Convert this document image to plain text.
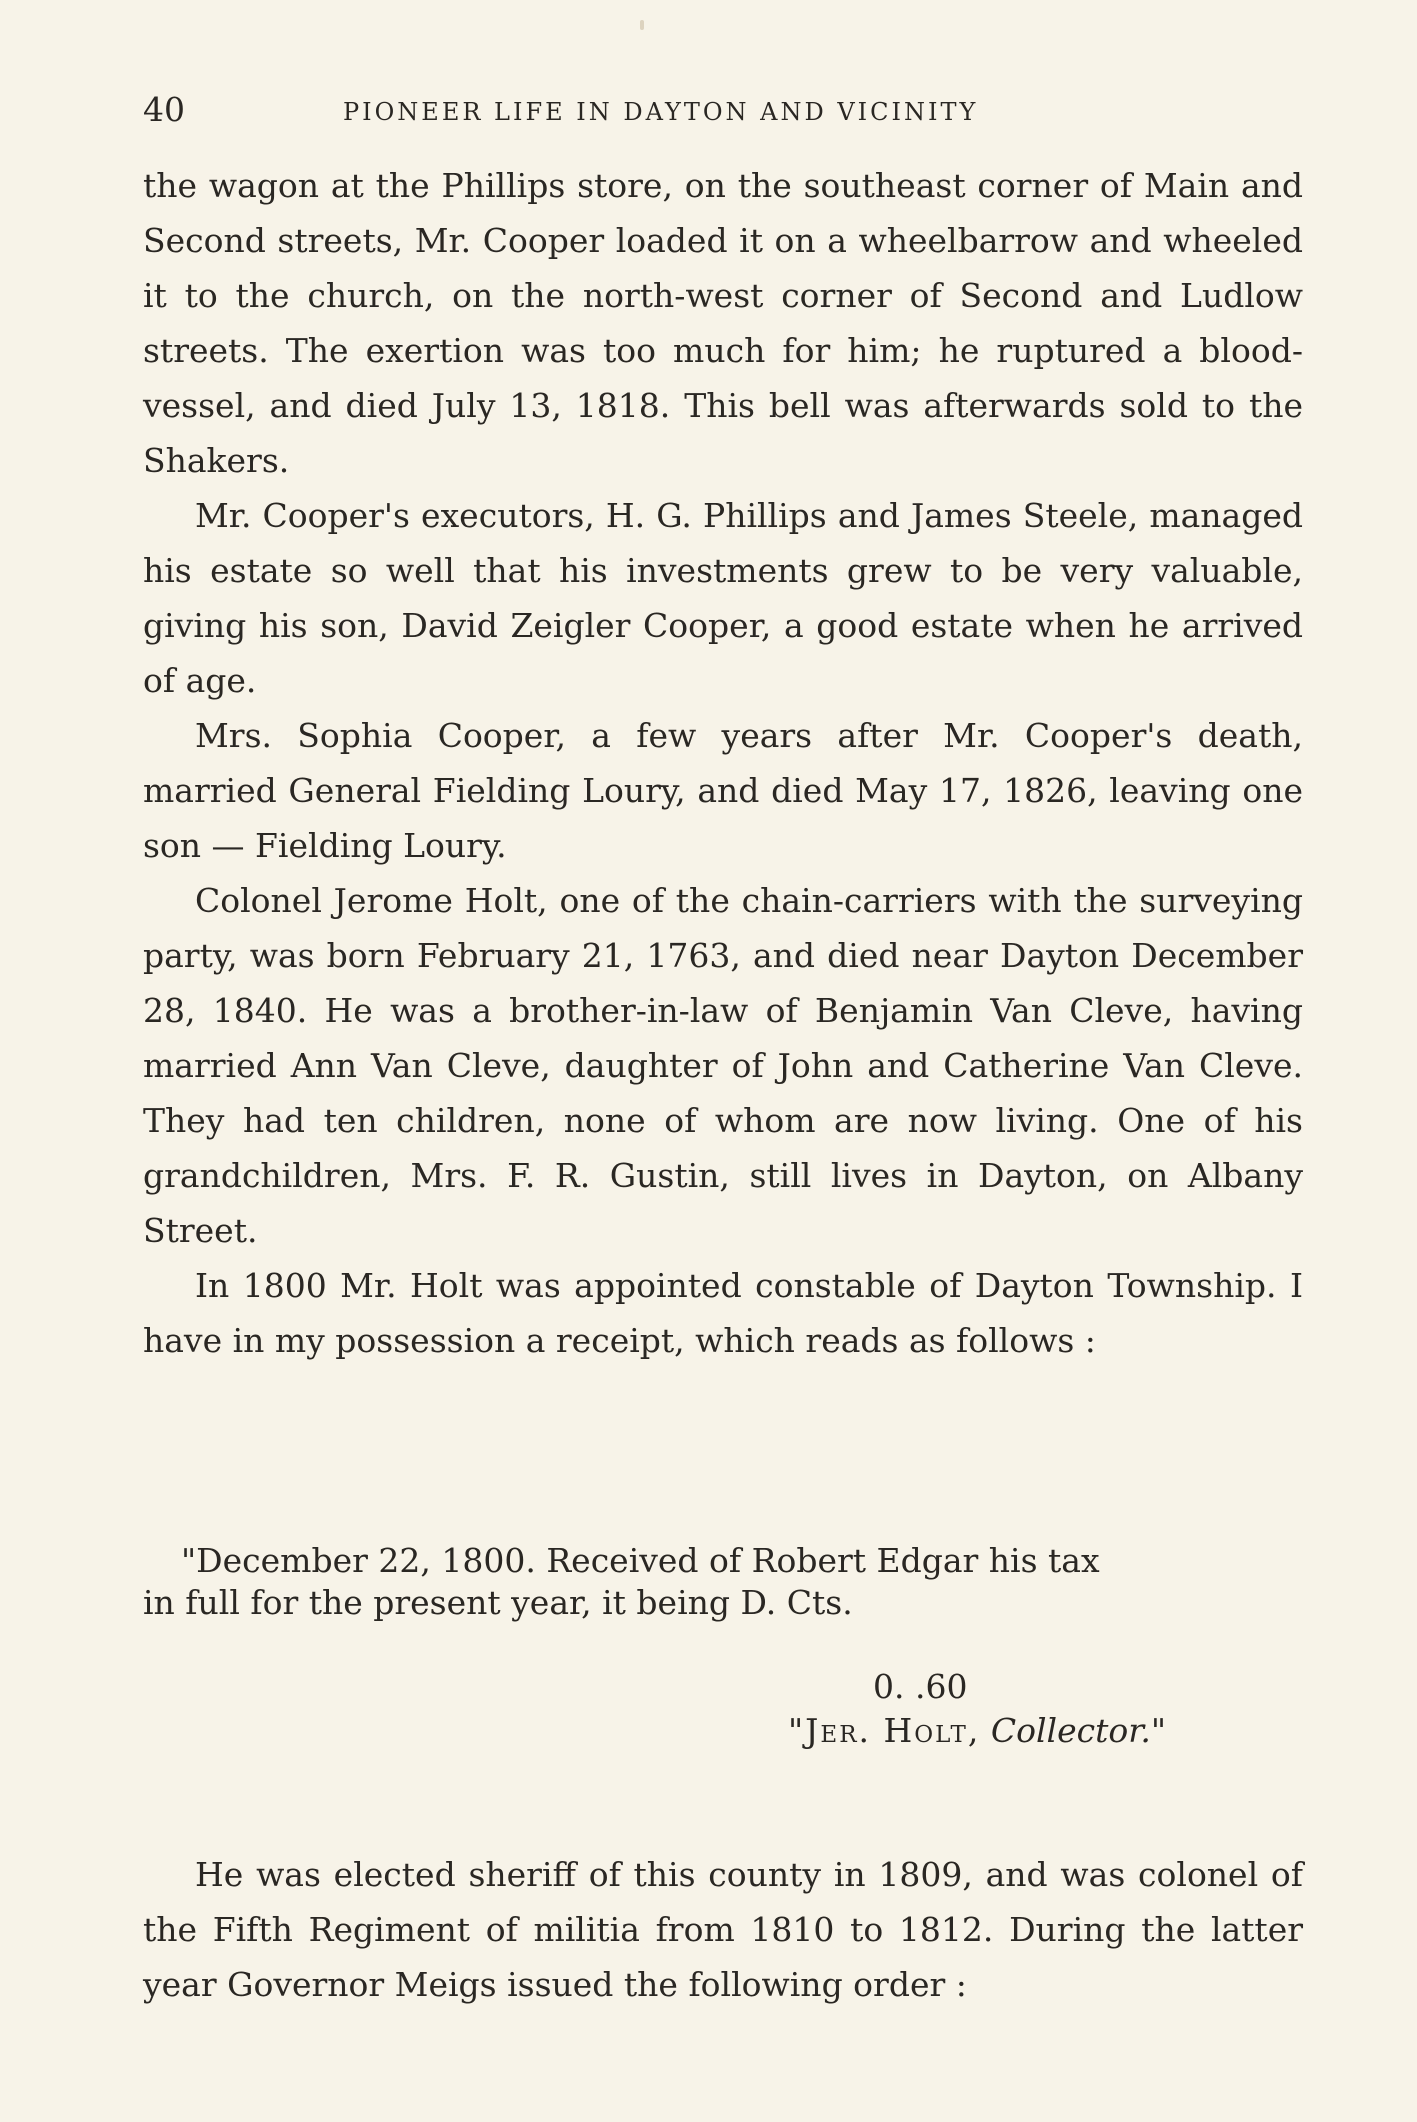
40	PIONEER LIFE IN DAYTON AND VICINITY

the wagon at the Phillips store, on the southeast corner of Main and Second streets, Mr. Cooper loaded it on a wheelbarrow and wheeled it to the church, on the north-west corner of Second and Ludlow streets. The exertion was too much for him; he ruptured a blood-vessel, and died July 13, 1818. This bell was afterwards sold to the Shakers.

Mr. Cooper's executors, H. G. Phillips and James Steele, managed his estate so well that his investments grew to be very valuable, giving his son, David Zeigler Cooper, a good estate when he arrived of age.

Mrs. Sophia Cooper, a few years after Mr. Cooper's death, married General Fielding Loury, and died May 17, 1826, leaving one son — Fielding Loury.

Colonel Jerome Holt, one of the chain-carriers with the surveying party, was born February 21, 1763, and died near Dayton December 28, 1840. He was a brother-in-law of Benjamin Van Cleve, having married Ann Van Cleve, daughter of John and Catherine Van Cleve. They had ten children, none of whom are now living. One of his grandchildren, Mrs. F. R. Gustin, still lives in Dayton, on Albany Street.

In 1800 Mr. Holt was appointed constable of Dayton Township. I have in my possession a receipt, which reads as follows :

"December 22, 1800. Received of Robert Edgar his tax

in full for the present year, it being D. Cts.

0. .60
"Jer. Holt, Collector."

He was elected sheriff of this county in 1809, and was colonel of the Fifth Regiment of militia from 1810 to 1812. During the latter year Governor Meigs issued the following order :
